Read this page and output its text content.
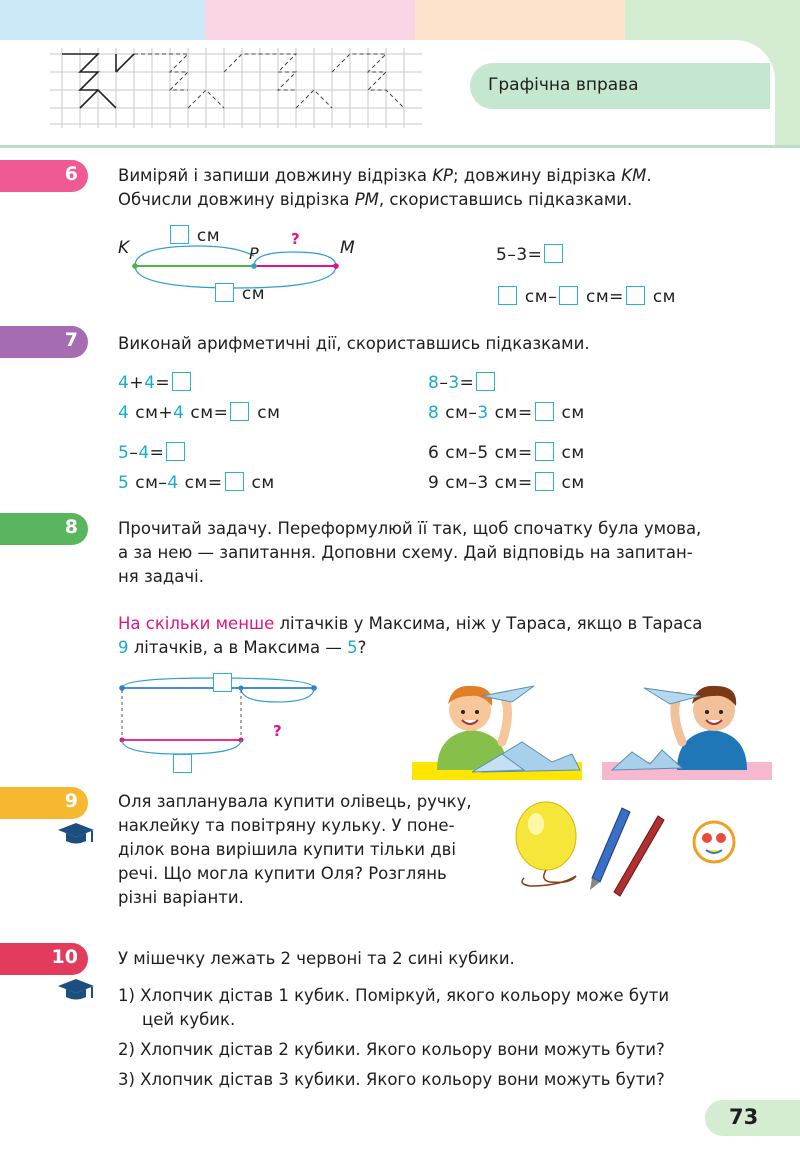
Графічна вправа
6 Виміряй і запиши довжину відрізка KP; довжину відрізка KM.
Обчисли довжину відрізка PM, скориставшись підказками.
K	P	M
см	?
см
5–3=
см– см= см
7 Виконай арифметичні дії, скориставшись підказками.
4+4=
4 см+4 см= см
5–4=
5 см–4 см= см
8–3=
8 см–3 см= см
6 см–5 см= см
9 см–3 см= см
8 Прочитай задачу. Переформулюй її так, щоб спочатку була умова,
а за нею — запитання. Доповни схему. Дай відповідь на запитан-
ня задачі.
На скільки менше літачків у Максима, ніж у Тараса, якщо в Тараса
9 літачків, а в Максима — 5?
?
9 Оля запланувала купити олівець, ручку,
наклейку та повітряну кульку. У поне-
ділок вона вирішила купити тільки дві
речі. Що могла купити Оля? Розглянь
різні варіанти.
10 У мішечку лежать 2 червоні та 2 сині кубики.
1) Хлопчик дістав 1 кубик. Поміркуй, якого кольору може бути
цей кубик.
2) Хлопчик дістав 2 кубики. Якого кольору вони можуть бути?
3) Хлопчик дістав 3 кубики. Якого кольору вони можуть бути?
73
